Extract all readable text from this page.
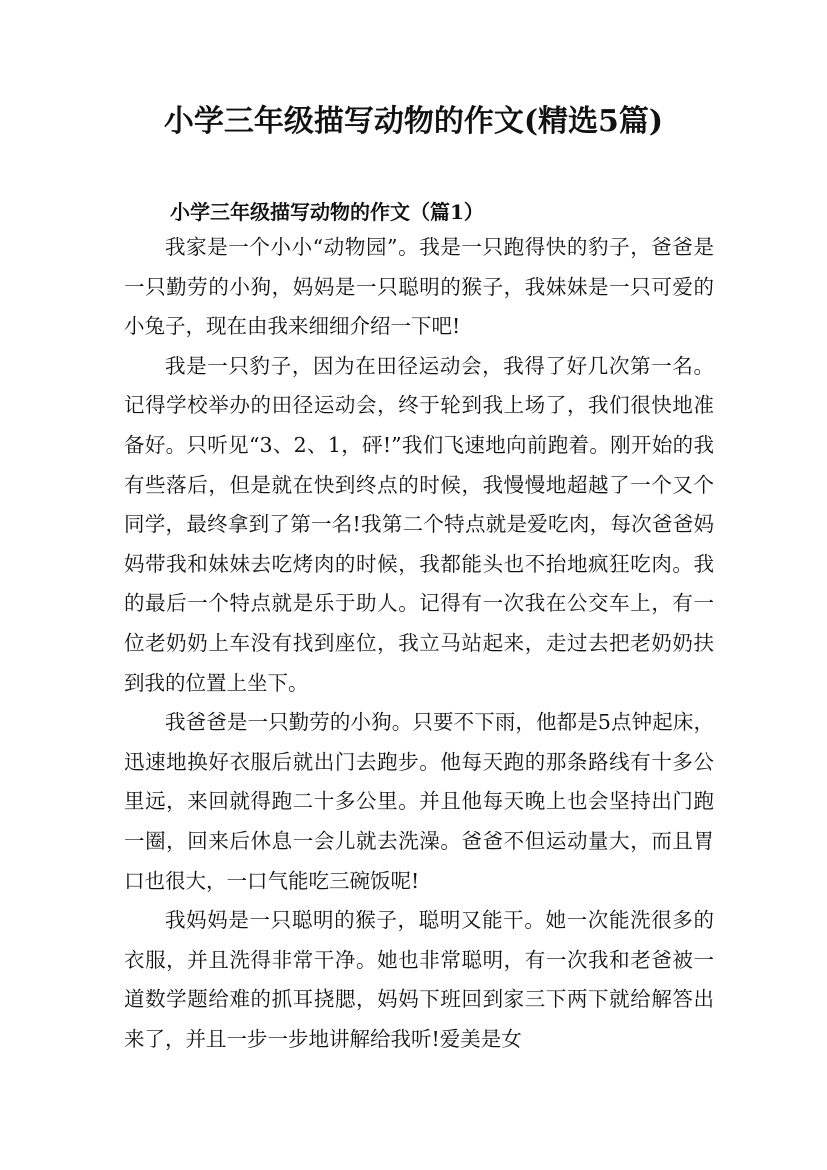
小学三年级描写动物的作文(精选5篇)
小学三年级描写动物的作文（篇1）

我家是一个小小“动物园”。我是一只跑得快的豹子，爸爸是一只勤劳的小狗，妈妈是一只聪明的猴子，我妹妹是一只可爱的小兔子，现在由我来细细介绍一下吧!

我是一只豹子，因为在田径运动会，我得了好几次第一名。记得学校举办的田径运动会，终于轮到我上场了，我们很快地准备好。只听见“3、2、1，砰!”我们飞速地向前跑着。刚开始的我有些落后，但是就在快到终点的时候，我慢慢地超越了一个又个同学，最终拿到了第一名!我第二个特点就是爱吃肉，每次爸爸妈妈带我和妹妹去吃烤肉的时候，我都能头也不抬地疯狂吃肉。我的最后一个特点就是乐于助人。记得有一次我在公交车上，有一位老奶奶上车没有找到座位，我立马站起来，走过去把老奶奶扶到我的位置上坐下。

我爸爸是一只勤劳的小狗。只要不下雨，他都是5点钟起床，迅速地换好衣服后就出门去跑步。他每天跑的那条路线有十多公里远，来回就得跑二十多公里。并且他每天晚上也会坚持出门跑一圈，回来后休息一会儿就去洗澡。爸爸不但运动量大，而且胃口也很大，一口气能吃三碗饭呢!

我妈妈是一只聪明的猴子，聪明又能干。她一次能洗很多的衣服，并且洗得非常干净。她也非常聪明，有一次我和老爸被一道数学题给难的抓耳挠腮，妈妈下班回到家三下两下就给解答出来了，并且一步一步地讲解给我听!爱美是女
